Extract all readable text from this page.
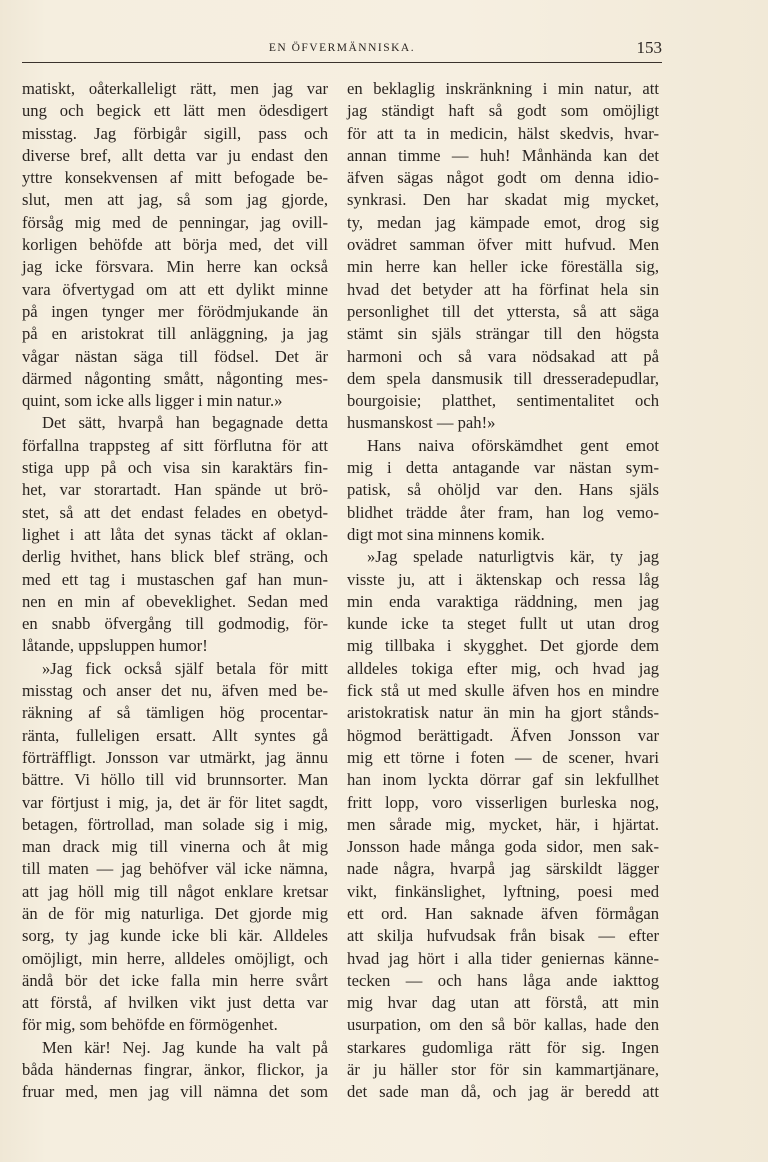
EN ÖFVERMÄNNISKA.	153
matiskt, oåterkalleligt rätt, men jag var
ung och begick ett lätt men ödesdigert
misstag. Jag förbigår sigill, pass och
diverse bref, allt detta var ju endast den
yttre konsekvensen af mitt befogade be-
slut, men att jag, så som jag gjorde,
försåg mig med de penningar, jag ovill-
korligen behöfde att börja med, det vill
jag icke försvara. Min herre kan också
vara öfvertygad om att ett dylikt minne
på ingen tynger mer förödmjukande än
på en aristokrat till anläggning, ja jag
vågar nästan säga till födsel. Det är
därmed någonting smått, någonting mes-
quint, som icke alls ligger i min natur.»
Det sätt, hvarpå han begagnade detta
förfallna trappsteg af sitt förflutna för att
stiga upp på och visa sin karaktärs fin-
het, var storartadt. Han spände ut brö-
stet, så att det endast felades en obetyd-
lighet i att låta det synas täckt af oklan-
derlig hvithet, hans blick blef sträng, och
med ett tag i mustaschen gaf han mun-
nen en min af obeveklighet. Sedan med
en snabb öfvergång till godmodig, för-
låtande, uppsluppen humor!
»Jag fick också själf betala för mitt
misstag och anser det nu, äfven med be-
räkning af så tämligen hög procentar-
ränta, fulleligen ersatt. Allt syntes gå
förträffligt. Jonsson var utmärkt, jag ännu
bättre. Vi höllo till vid brunnsorter. Man
var förtjust i mig, ja, det är för litet sagdt,
betagen, förtrollad, man solade sig i mig,
man drack mig till vinerna och åt mig
till maten — jag behöfver väl icke nämna,
att jag höll mig till något enklare kretsar
än de för mig naturliga. Det gjorde mig
sorg, ty jag kunde icke bli kär. Alldeles
omöjligt, min herre, alldeles omöjligt, och
ändå bör det icke falla min herre svårt
att förstå, af hvilken vikt just detta var
för mig, som behöfde en förmögenhet.
Men kär! Nej. Jag kunde ha valt på
båda händernas fingrar, änkor, flickor, ja
fruar med, men jag vill nämna det som
en beklaglig inskränkning i min natur, att
jag ständigt haft så godt som omöjligt
för att ta in medicin, hälst skedvis, hvar-
annan timme — huh! Månhända kan det
äfven sägas något godt om denna idio-
synkrasi. Den har skadat mig mycket,
ty, medan jag kämpade emot, drog sig
ovädret samman öfver mitt hufvud. Men
min herre kan heller icke föreställa sig,
hvad det betyder att ha förfinat hela sin
personlighet till det yttersta, så att säga
stämt sin själs strängar till den högsta
harmoni och så vara nödsakad att på
dem spela dansmusik till dresseradepudlar,
bourgoisie; platthet, sentimentalitet och
husmanskost — pah!»
Hans naiva oförskämdhet gent emot
mig i detta antagande var nästan sym-
patisk, så ohöljd var den. Hans själs
blidhet trädde åter fram, han log vemo-
digt mot sina minnens komik.
»Jag spelade naturligtvis kär, ty jag
visste ju, att i äktenskap och ressa låg
min enda varaktiga räddning, men jag
kunde icke ta steget fullt ut utan drog
mig tillbaka i skygghet. Det gjorde dem
alldeles tokiga efter mig, och hvad jag
fick stå ut med skulle äfven hos en mindre
aristokratisk natur än min ha gjort stånds-
högmod berättigadt. Äfven Jonsson var
mig ett törne i foten — de scener, hvari
han inom lyckta dörrar gaf sin lekfullhet
fritt lopp, voro visserligen burleska nog,
men sårade mig, mycket, här, i hjärtat.
Jonsson hade många goda sidor, men sak-
nade några, hvarpå jag särskildt lägger
vikt, finkänslighet, lyftning, poesi med
ett ord. Han saknade äfven förmågan
att skilja hufvudsak från bisak — efter
hvad jag hört i alla tider geniernas känne-
tecken — och hans låga ande iakttog
mig hvar dag utan att förstå, att min
usurpation, om den så bör kallas, hade den
starkares gudomliga rätt för sig. Ingen
är ju häller stor för sin kammartjänare,
det sade man då, och jag är beredd att
